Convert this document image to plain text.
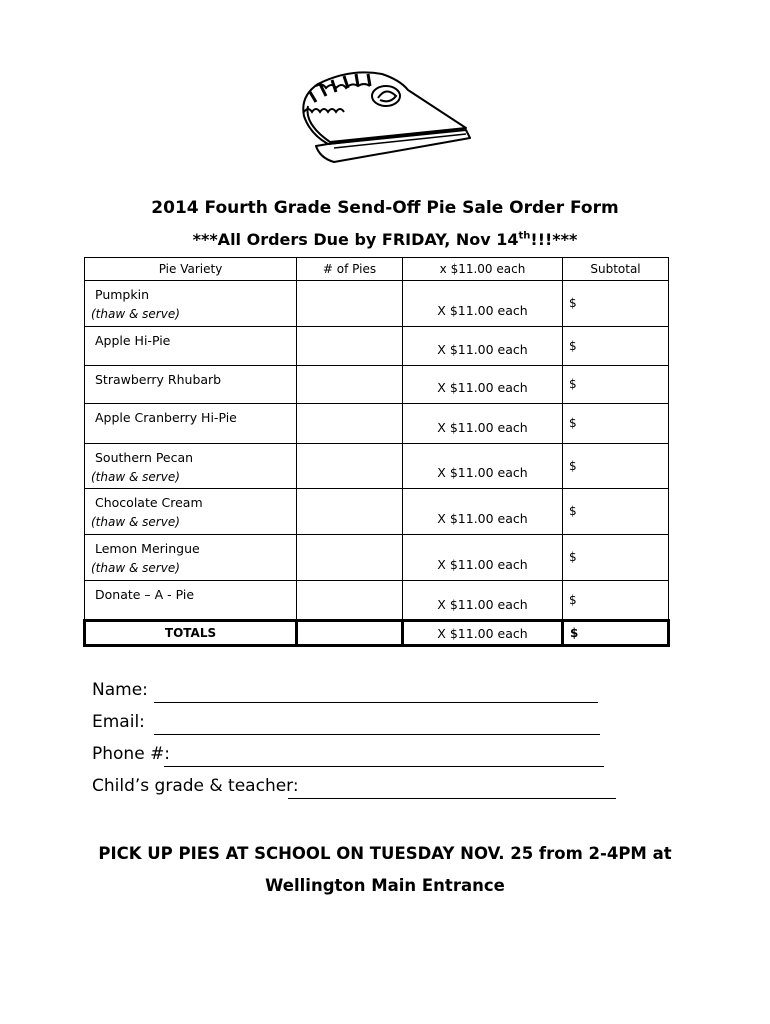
2014 Fourth Grade Send-Off Pie Sale Order Form
***All Orders Due by FRIDAY, Nov 14th!!!***
Pie Variety	# of Pies	x $11.00 each	Subtotal

Pumpkin
(thaw & serve)		X $11.00 each	$

Apple Hi-Pie		X $11.00 each	$

Strawberry Rhubarb		X $11.00 each	$

Apple Cranberry Hi-Pie		X $11.00 each	$

Southern Pecan
(thaw & serve)		X $11.00 each	$

Chocolate Cream
(thaw & serve)		X $11.00 each	$

Lemon Meringue
(thaw & serve)		X $11.00 each	$

Donate – A - Pie		X $11.00 each	$

TOTALS		X $11.00 each	$
Name:
Email:
Phone #:
Child’s grade & teacher:
PICK UP PIES AT SCHOOL ON TUESDAY NOV. 25 from 2-4PM at
Wellington Main Entrance
